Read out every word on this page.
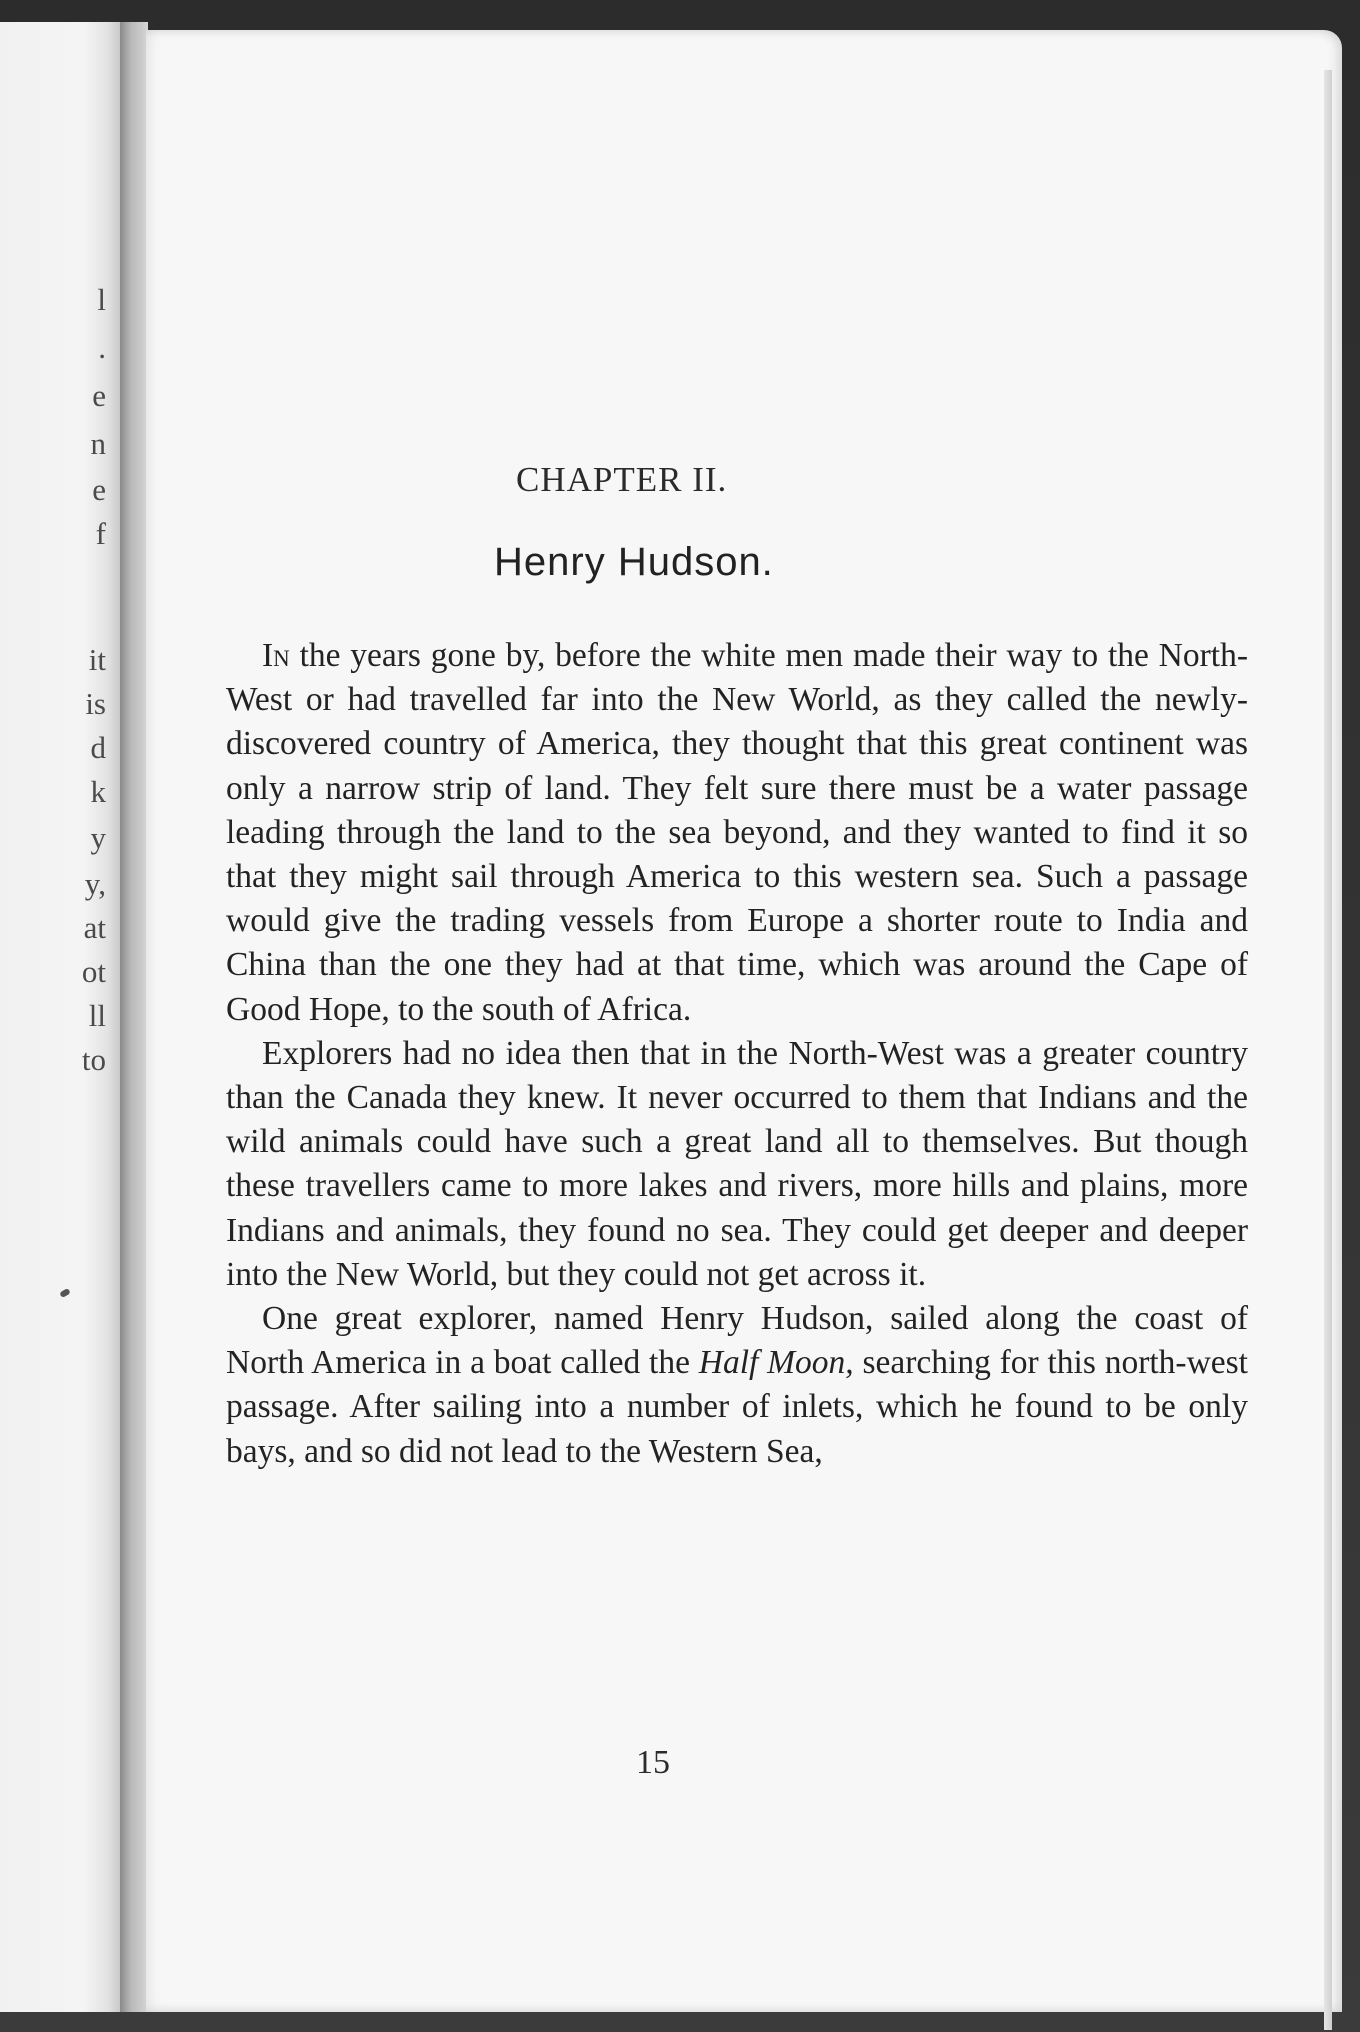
l
.
e
n
e
f
it
is
d
k
y
y,
at
ot
ll
to
CHAPTER II.
Henry Hudson.

In the years gone by, before the white men made their way to the North-West or had travelled far into the New World, as they called the newly-discovered country of America, they thought that this great continent was only a narrow strip of land. They felt sure there must be a water passage leading through the land to the sea beyond, and they wanted to find it so that they might sail through America to this western sea. Such a passage would give the trading vessels from Europe a shorter route to India and China than the one they had at that time, which was around the Cape of Good Hope, to the south of Africa.

Explorers had no idea then that in the North-West was a greater country than the Canada they knew. It never occurred to them that Indians and the wild animals could have such a great land all to themselves. But though these travellers came to more lakes and rivers, more hills and plains, more Indians and animals, they found no sea. They could get deeper and deeper into the New World, but they could not get across it.

One great explorer, named Henry Hudson, sailed along the coast of North America in a boat called the Half Moon, searching for this north-west passage. After sailing into a number of inlets, which he found to be only bays, and so did not lead to the Western Sea,

15
